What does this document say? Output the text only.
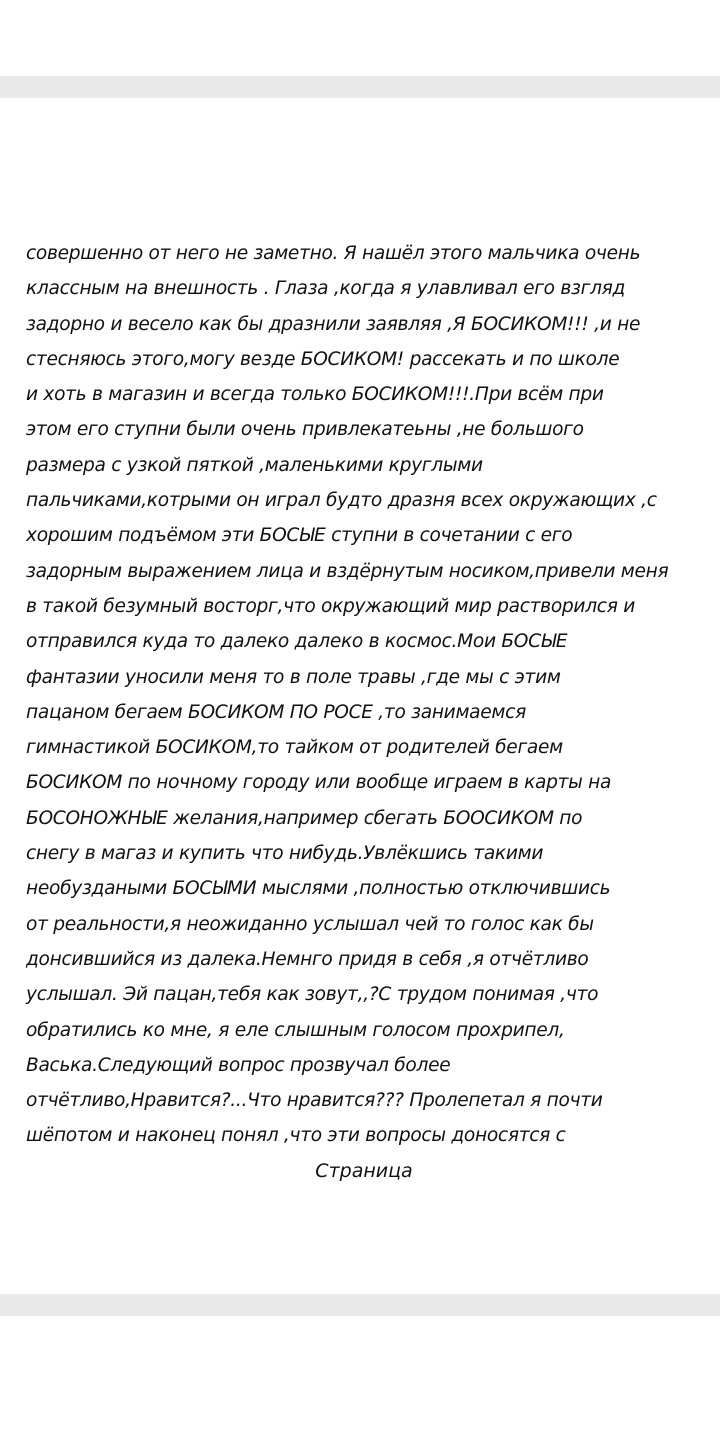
совершенно от него не заметно. Я нашёл этого мальчика очень
классным на внешность . Глаза ,когда я улавливал его взгляд
задорно и весело как бы дразнили заявляя ,Я БОСИКОМ!!! ,и не
стесняюсь этого,могу везде БОСИКОМ! рассекать и по школе
и хоть в магазин и всегда только БОСИКОМ!!!.При всём при
этом его ступни были очень привлекатеьны ,не большого
размера с узкой пяткой ,маленькими круглыми
пальчиками,котрыми он играл будто дразня всех окружающих ,с
хорошим подъёмом эти БОСЫЕ ступни в сочетании с его
задорным выражением лица и вздёрнутым носиком,привели меня
в такой безумный восторг,что окружающий мир растворился и
отправился куда то далеко далеко в космос.Мои БОСЫЕ
фантазии уносили меня то в поле травы ,где мы с этим
пацаном бегаем БОСИКОМ ПО РОСЕ ,то занимаемся
гимнастикой БОСИКОМ,то тайком от родителей бегаем
БОСИКОМ по ночному городу или вообще играем в карты на
БОСОНОЖНЫЕ желания,например сбегать БООСИКОМ по
снегу в магаз и купить что нибудь.Увлёкшись такими
необуздаными БОСЫМИ мыслями ,полностью отключившись
от реальности,я неожиданно услышал чей то голос как бы
донсившийся из далека.Немнго придя в себя ,я отчётливо
услышал. Эй пацан,тебя как зовут,,?С трудом понимая ,что
обратились ко мне, я еле слышным голосом прохрипел,
Васька.Следующий вопрос прозвучал более
отчётливо,Нравится?...Что нравится??? Пролепетал я почти
шёпотом и наконец понял ,что эти вопросы доносятся с
Страница
